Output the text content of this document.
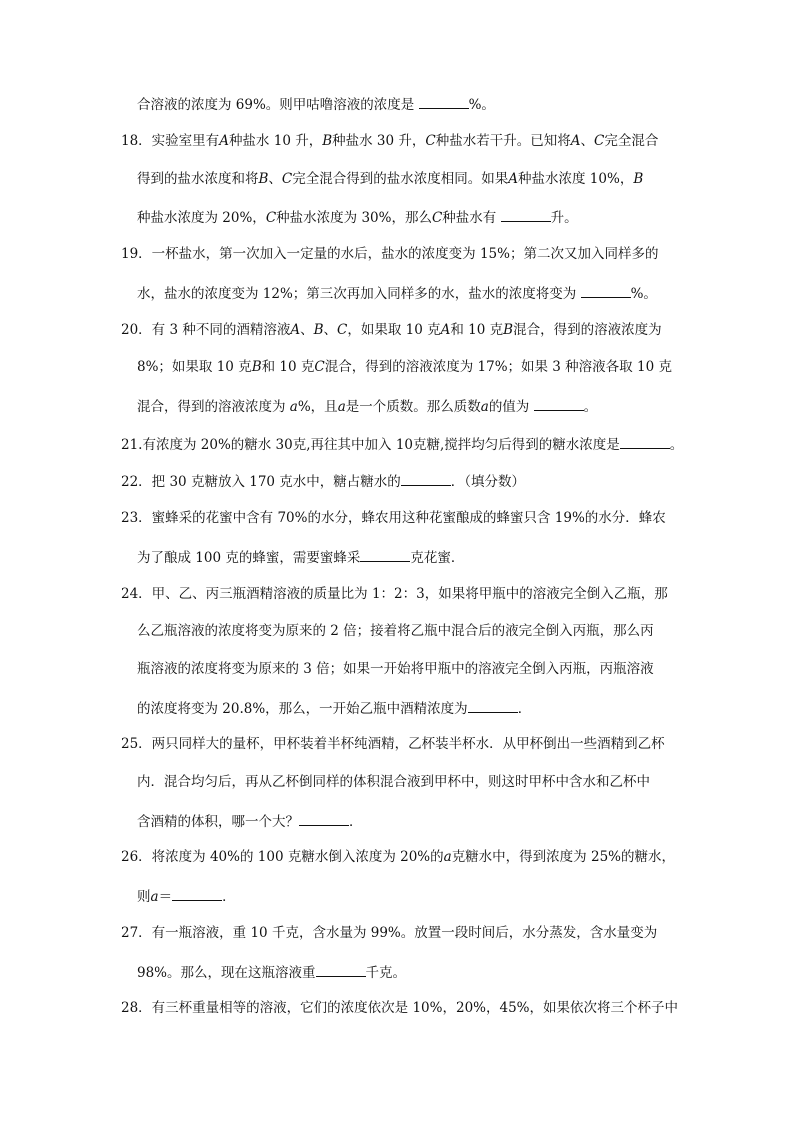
合溶液的浓度为 69%。则甲咕噜溶液的浓度是	%。
18．实验室里有A种盐水 10 升，B种盐水 30 升，C种盐水若干升。已知将A、C完全混合
得到的盐水浓度和将B、C完全混合得到的盐水浓度相同。如果A种盐水浓度 10%，B
种盐水浓度为 20%，C种盐水浓度为 30%，那么C种盐水有	升。
19．一杯盐水，第一次加入一定量的水后，盐水的浓度变为 15%；第二次又加入同样多的
水，盐水的浓度变为 12%；第三次再加入同样多的水，盐水的浓度将变为	%。
20．有 3 种不同的酒精溶液A、B、C，如果取 10 克A和 10 克B混合，得到的溶液浓度为
8%；如果取 10 克B和 10 克C混合，得到的溶液浓度为 17%；如果 3 种溶液各取 10 克
混合，得到的溶液浓度为 a%，且a是一个质数。那么质数a的值为	。
21.有浓度为 20%的糖水 30克,再往其中加入 10克糖,搅拌均匀后得到的糖水浓度是	。
22．把 30 克糖放入 170 克水中，糖占糖水的	．（填分数）
23．蜜蜂采的花蜜中含有 70%的水分，蜂农用这种花蜜酿成的蜂蜜只含 19%的水分．蜂农
为了酿成 100 克的蜂蜜，需要蜜蜂采	克花蜜．
24．甲、乙、丙三瓶酒精溶液的质量比为 1：2：3，如果将甲瓶中的溶液完全倒入乙瓶，那
么乙瓶溶液的浓度将变为原来的 2 倍；接着将乙瓶中混合后的液完全倒入丙瓶，那么丙
瓶溶液的浓度将变为原来的 3 倍；如果一开始将甲瓶中的溶液完全倒入丙瓶，丙瓶溶液
的浓度将变为 20.8%，那么，一开始乙瓶中酒精浓度为	．
25．两只同样大的量杯，甲杯装着半杯纯酒精，乙杯装半杯水．从甲杯倒出一些酒精到乙杯
内．混合均匀后，再从乙杯倒同样的体积混合液到甲杯中，则这时甲杯中含水和乙杯中
含酒精的体积，哪一个大？	．
26．将浓度为 40%的 100 克糖水倒入浓度为 20%的a克糖水中，得到浓度为 25%的糖水，
则a＝	．
27．有一瓶溶液，重 10 千克，含水量为 99%。放置一段时间后，水分蒸发，含水量变为
98%。那么，现在这瓶溶液重	千克。
28．有三杯重量相等的溶液，它们的浓度依次是 10%，20%，45%，如果依次将三个杯子中
